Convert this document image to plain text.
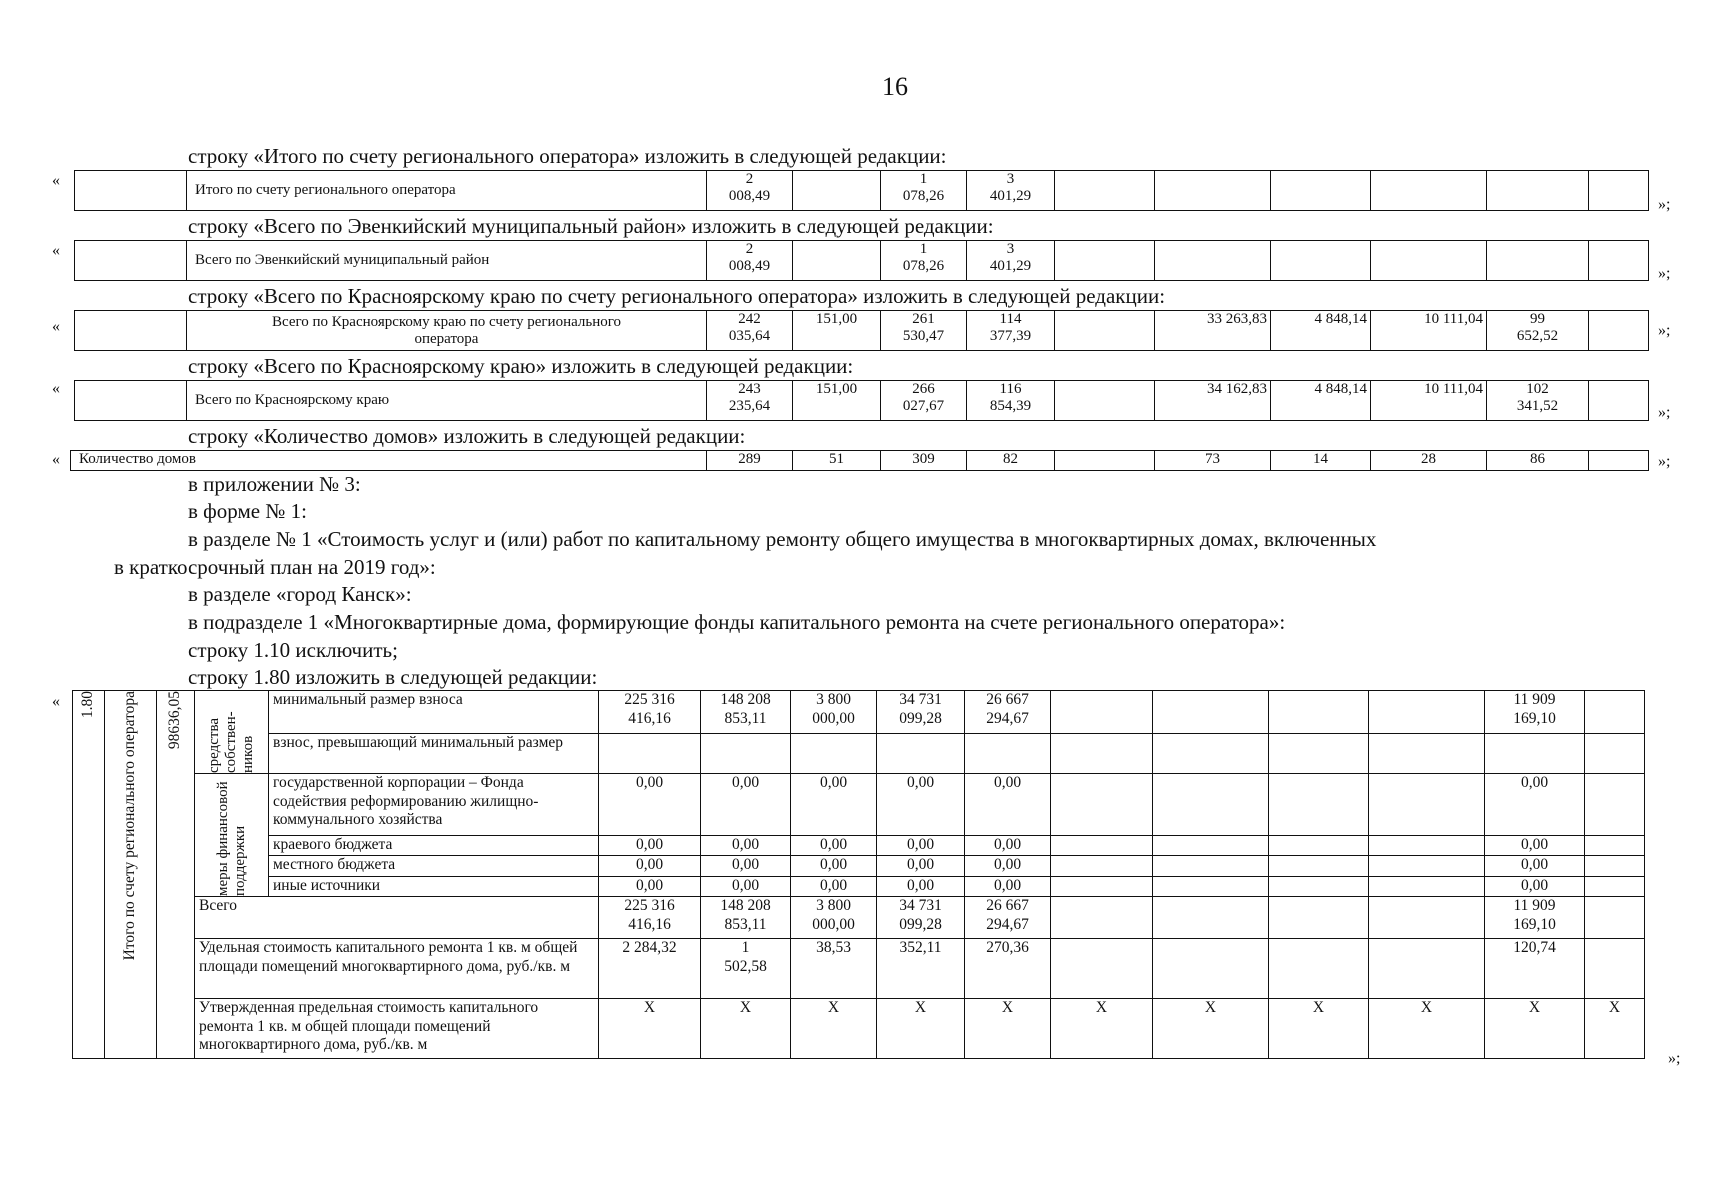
16
строку «Итого по счету регионального оператора» изложить в следующей редакции:
«
	Итого по счету регионального оператора	2
008,49		1
078,26	3
401,29							»;
строку «Всего по Эвенкийский муниципальный район» изложить в следующей редакции:
«
	Всего по Эвенкийский муниципальный район	2
008,49		1
078,26	3
401,29							»;
строку «Всего по Красноярскому краю по счету регионального оператора» изложить в следующей редакции:
«
		Всего по Красноярскому краю по счету регионального
оператора	242
035,64	151,00	261
530,47	114
377,39		33 263,83	4 848,14	10 111,04	99
652,52		»;
строку «Всего по Красноярскому краю» изложить в следующей редакции:
«
	Всего по Красноярскому краю	243
235,64	151,00	266
027,67	116
854,39		34 162,83	4 848,14	10 111,04	102
341,52		»;
строку «Количество домов» изложить в следующей редакции:
« Количество домов	289	51	309	82		73	14	28	86		»;
в приложении № 3:
в форме № 1:
в разделе № 1 «Стоимость услуг и (или) работ по капитальному ремонту общего имущества в многоквартирных домах, включенных
в краткосрочный план на 2019 год»:
в разделе «город Канск»:
в подразделе 1 «Многоквартирные дома, формирующие фонды капитального ремонта на счете регионального оператора»:
строку 1.10 исключить;
строку 1.80 изложить в следующей редакции:
« 1.80	Итого по счету регионального оператора	98636,05	средства собствен-ников	минимальный размер взноса	225 316
416,16	148 208
853,11	3 800
000,00	34 731
099,28	26 667
294,67					11 909
169,10	
				взнос, превышающий минимальный размер											

			меры финансовой поддержки	государственной корпорации – Фонда содействия реформированию жилищно-коммунального хозяйства	0,00	0,00	0,00	0,00	0,00					0,00	
				краевого бюджета	0,00	0,00	0,00	0,00	0,00					0,00	
				местного бюджета	0,00	0,00	0,00	0,00	0,00					0,00	
				иные источники	0,00	0,00	0,00	0,00	0,00					0,00	
			Всего		225 316
416,16	148 208
853,11	3 800
000,00	34 731
099,28	26 667
294,67					11 909
169,10	
			Удельная стоимость капитального ремонта 1 кв. м общей площади помещений многоквартирного дома, руб./кв. м		2 284,32	1
502,58	38,53	352,11	270,36					120,74	
			Утвержденная предельная стоимость капитального ремонта 1 кв. м общей площади помещений многоквартирного дома, руб./кв. м		Х	Х	Х	Х	Х	Х	Х	Х	Х	Х	Х
»;
